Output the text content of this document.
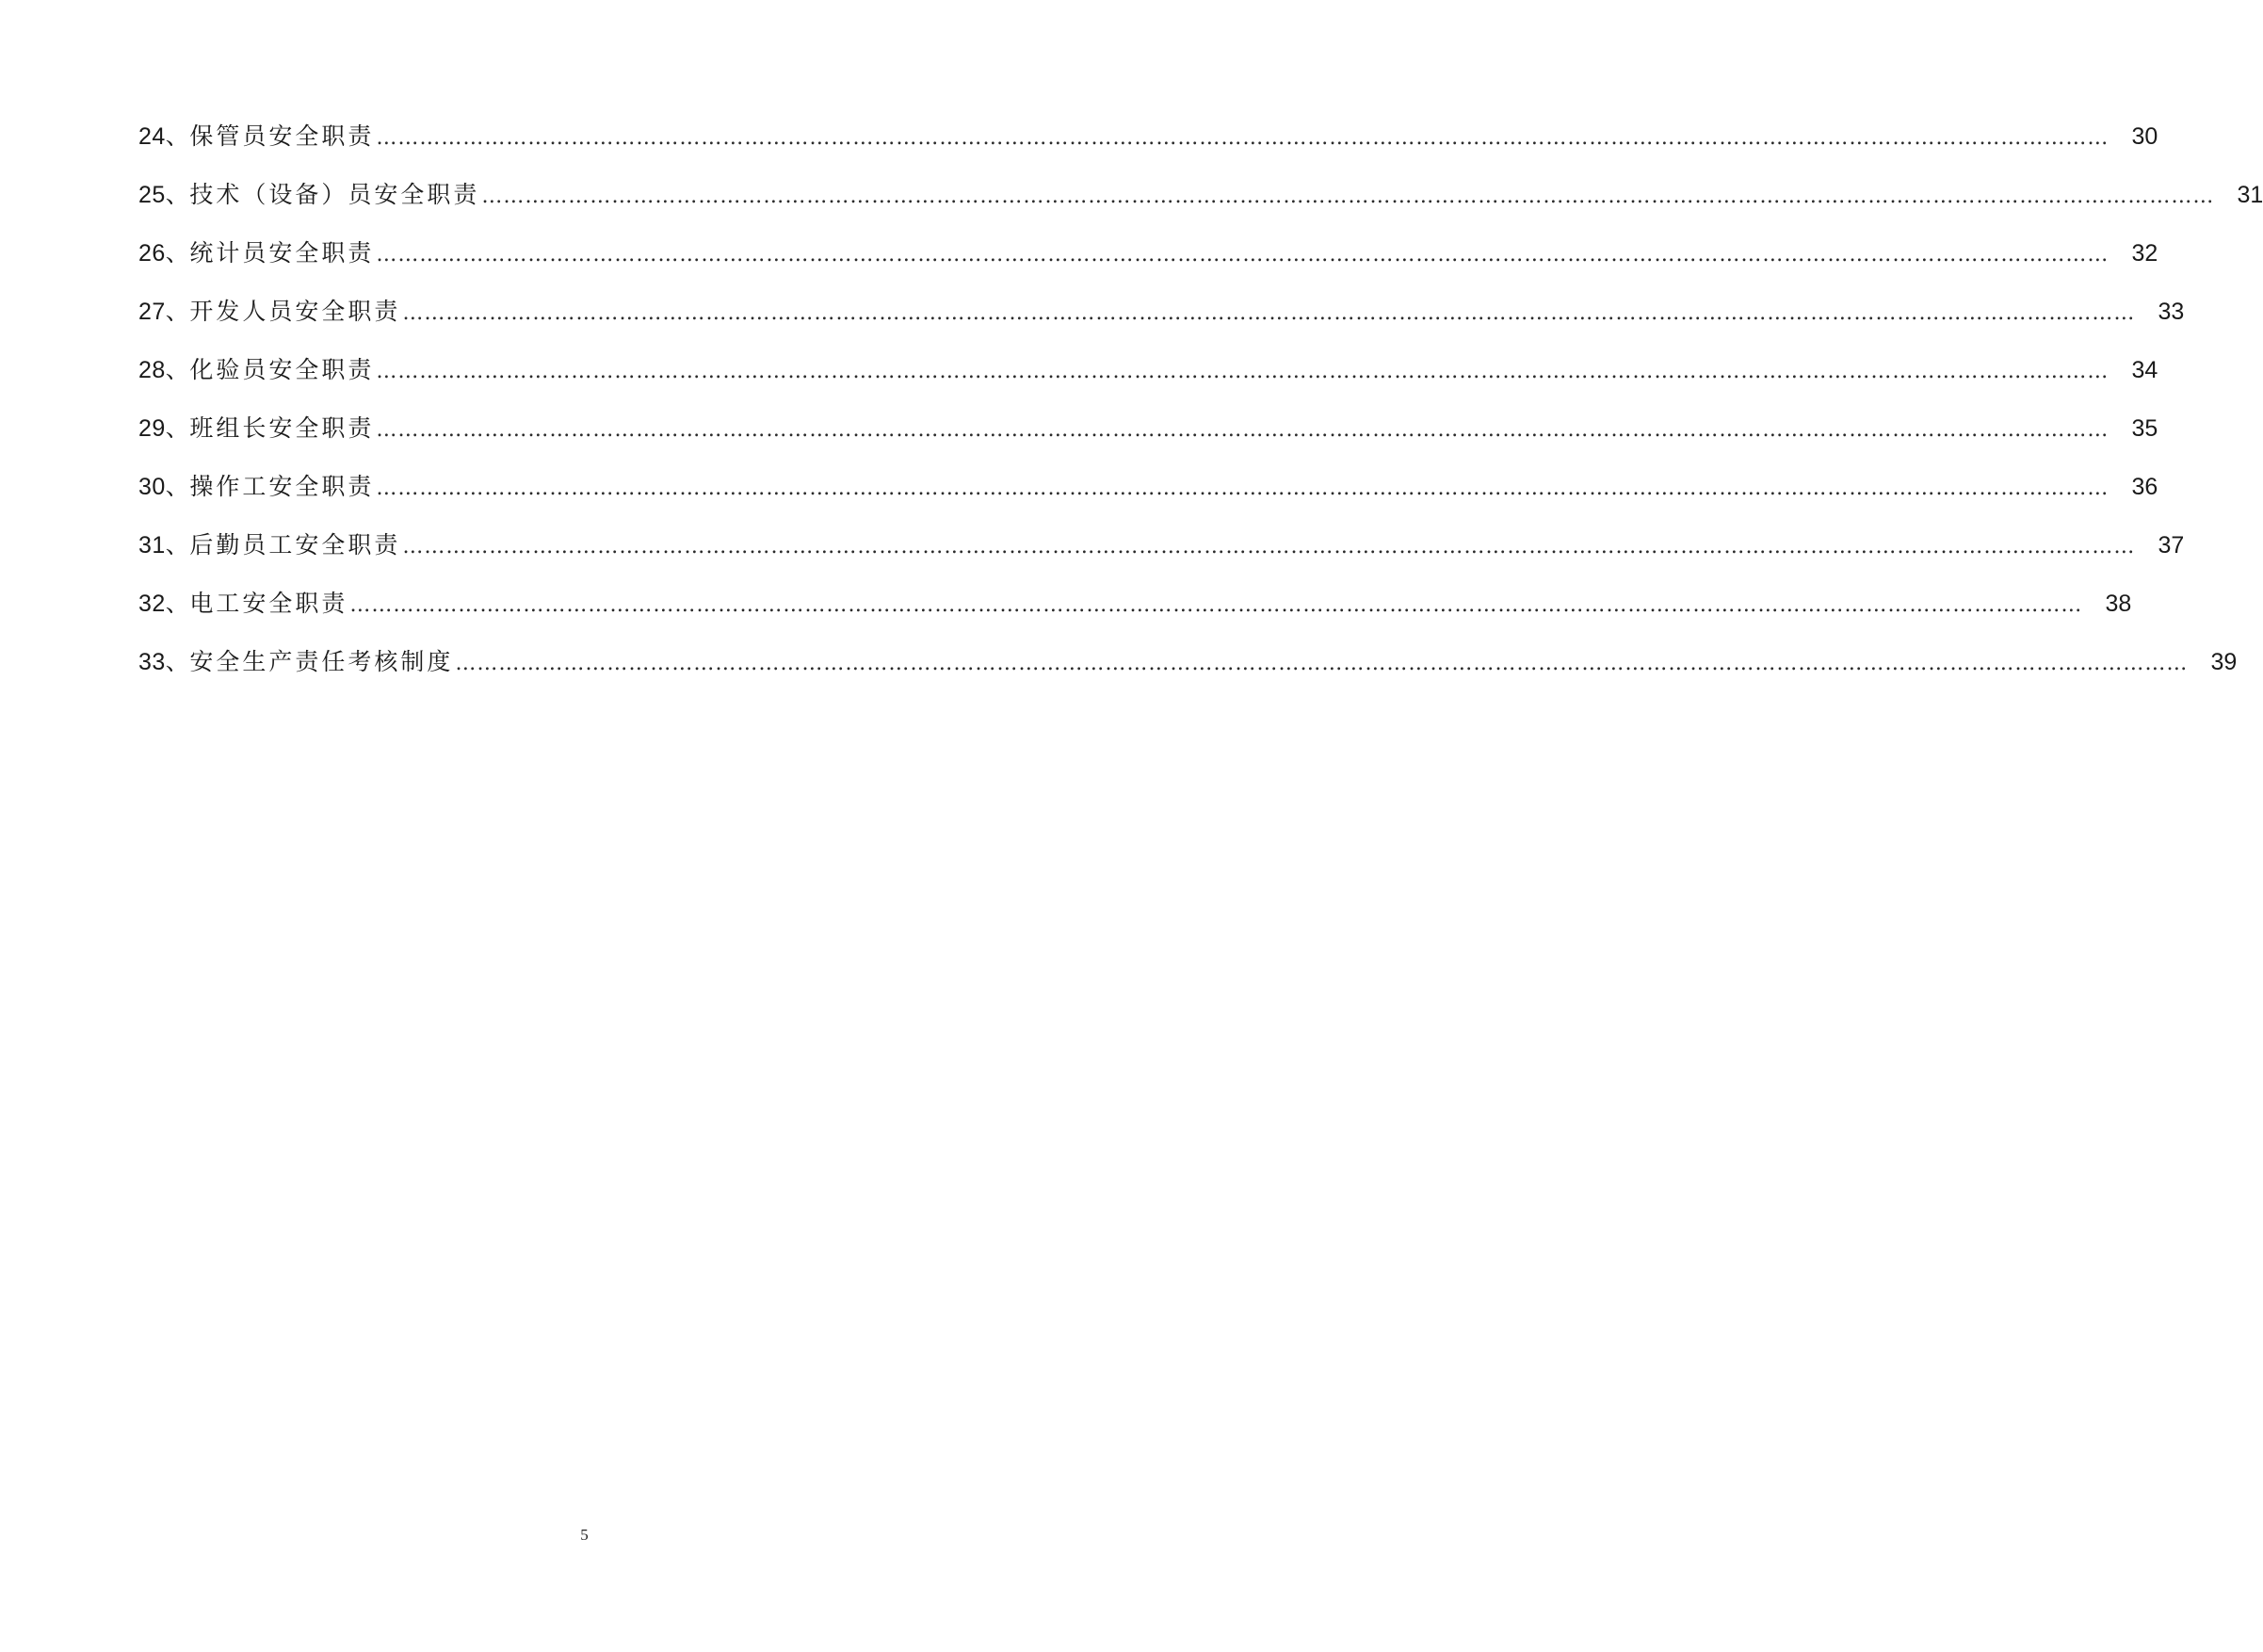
24、 保管员安全职责 …………………………………………………………………………………………………………………………………………………………………………………………………………………… 30
25、 技术（设备）员安全职责 …………………………………………………………………………………………………………………………………………………………………………………………………………………… 31
26、 统计员安全职责 …………………………………………………………………………………………………………………………………………………………………………………………………………………… 32
27、 开发人员安全职责 …………………………………………………………………………………………………………………………………………………………………………………………………………………… 33
28、 化验员安全职责 …………………………………………………………………………………………………………………………………………………………………………………………………………………… 34
29、 班组长安全职责 …………………………………………………………………………………………………………………………………………………………………………………………………………………… 35
30、 操作工安全职责 …………………………………………………………………………………………………………………………………………………………………………………………………………………… 36
31、 后勤员工安全职责 …………………………………………………………………………………………………………………………………………………………………………………………………………………… 37
32、 电工安全职责 …………………………………………………………………………………………………………………………………………………………………………………………………………………… 38
33、 安全生产责任考核制度 …………………………………………………………………………………………………………………………………………………………………………………………………………………… 39
5
